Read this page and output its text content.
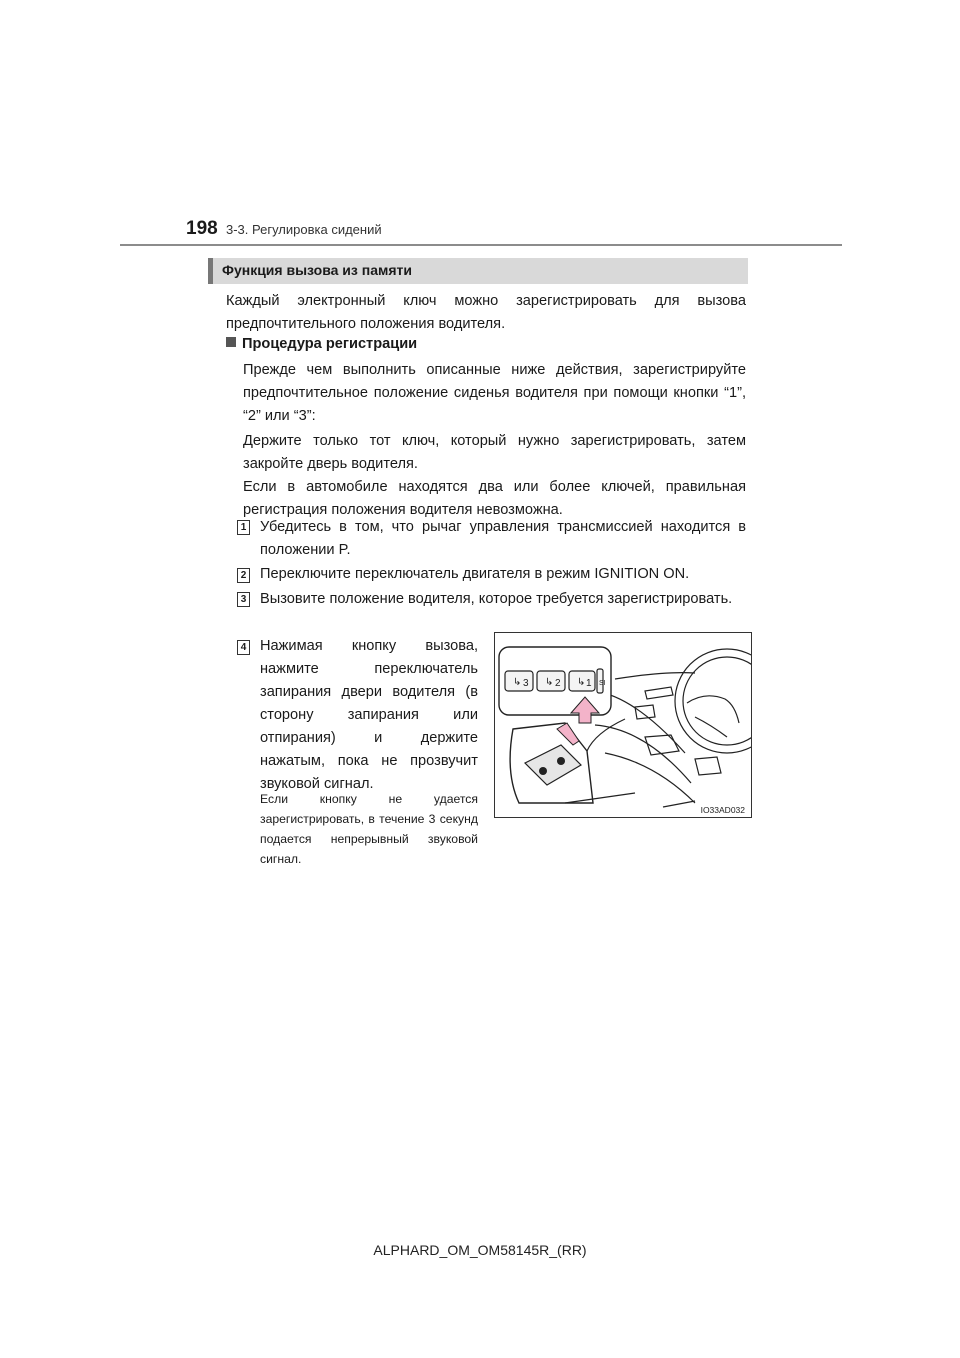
198 3-3. Регулировка сидений
Функция вызова из памяти
Каждый электронный ключ можно зарегистрировать для вызова предпочтительного положения водителя.
Процедура регистрации
Прежде чем выполнить описанные ниже действия, зарегистрируйте предпочтительное положение сиденья водителя при помощи кнопки “1”, “2” или “3”:
Держите только тот ключ, который нужно зарегистрировать, затем закройте дверь водителя.
Если в автомобиле находятся два или более ключей, правильная регистрация положения водителя невозможна.
1 Убедитесь в том, что рычаг управления трансмиссией находится в положении P.
2 Переключите переключатель двигателя в режим IGNITION ON.
3 Вызовите положение водителя, которое требуется зарегистрировать.
4 Нажимая кнопку вызова, нажмите переключатель запирания двери водителя (в сторону запирания или отпирания) и держите нажатым, пока не прозвучит звуковой сигнал.
Если кнопку не удается зарегистрировать, в течение 3 секунд подается непрерывный звуковой сигнал.
↳ ↳ ↳
3	2	1 SI
IO33AD032
ALPHARD_OM_OM58145R_(RR)
